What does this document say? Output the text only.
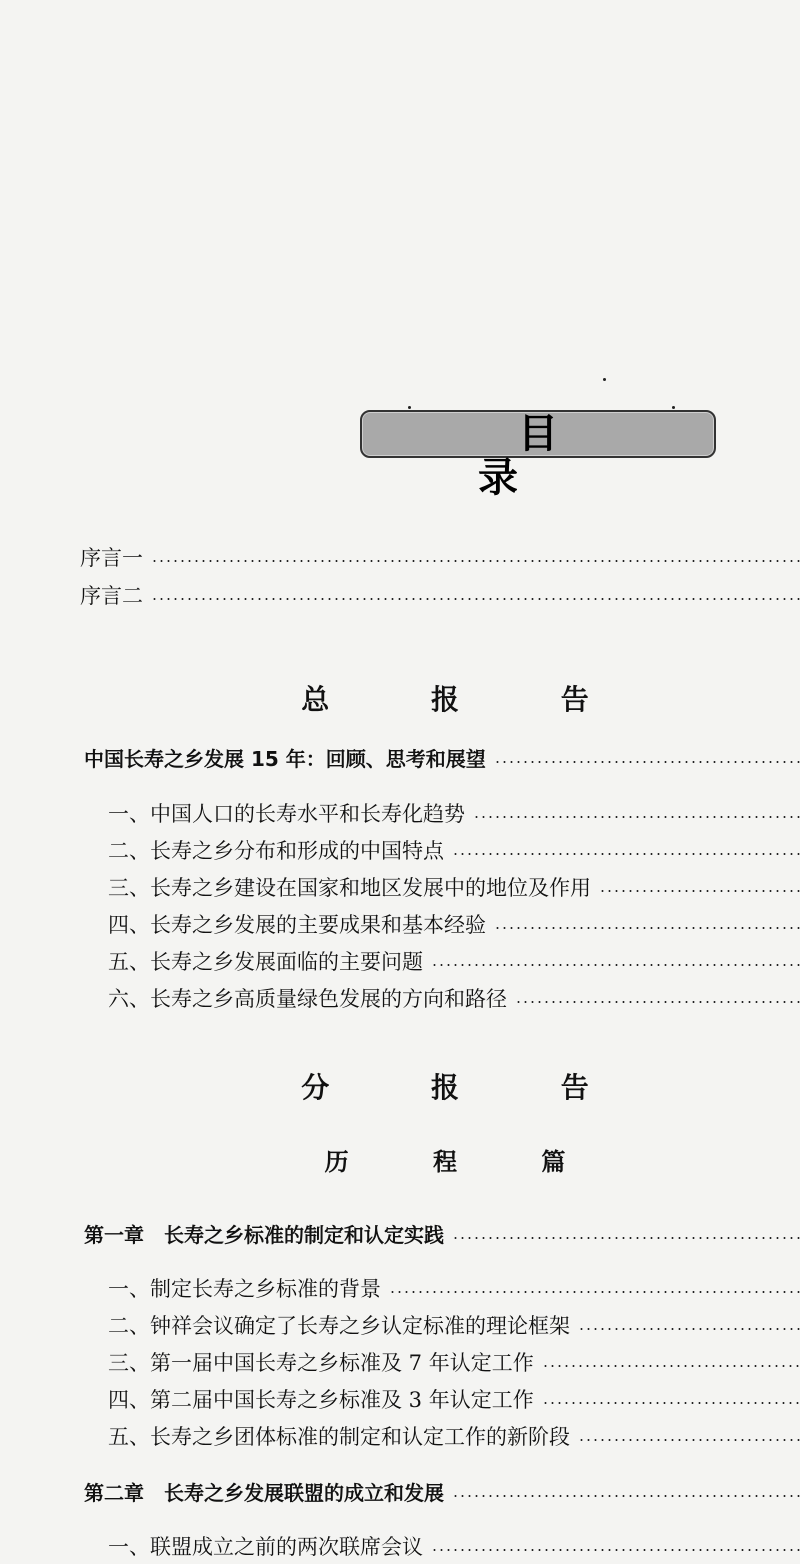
目 录
序言一
序言二
总 报 告
中国长寿之乡发展 15 年：回顾、思考和展望
一、中国人口的长寿水平和长寿化趋势
二、长寿之乡分布和形成的中国特点
三、长寿之乡建设在国家和地区发展中的地位及作用
四、长寿之乡发展的主要成果和基本经验
五、长寿之乡发展面临的主要问题
六、长寿之乡高质量绿色发展的方向和路径
分 报 告
历 程 篇
第一章　长寿之乡标准的制定和认定实践
一、制定长寿之乡标准的背景
二、钟祥会议确定了长寿之乡认定标准的理论框架
三、第一届中国长寿之乡标准及 7 年认定工作
四、第二届中国长寿之乡标准及 3 年认定工作
五、长寿之乡团体标准的制定和认定工作的新阶段
第二章　长寿之乡发展联盟的成立和发展
一、联盟成立之前的两次联席会议
